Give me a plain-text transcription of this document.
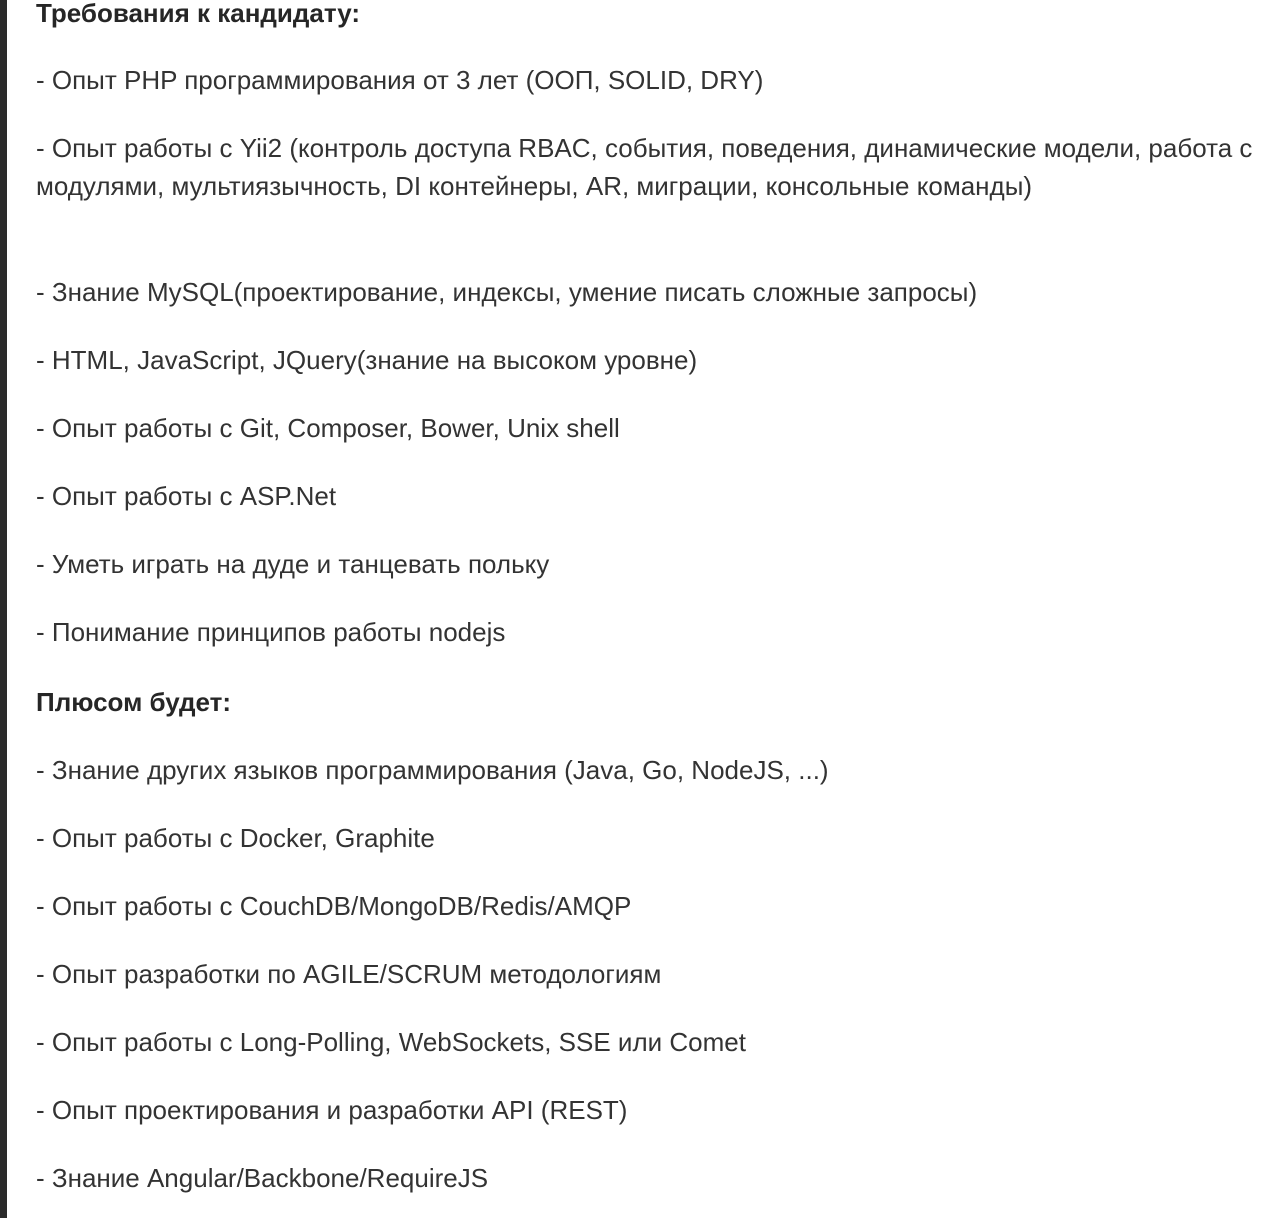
Требования к кандидату:
- Опыт PHP программирования от 3 лет (ООП, SOLID, DRY)
- Опыт работы с Yii2 (контроль доступа RBAC, события, поведения, динамические модели, работа с модулями, мультиязычность, DI контейнеры, AR, миграции, консольные команды)
- Знание MySQL(проектирование, индексы, умение писать сложные запросы)
- HTML, JavaScript, JQuery(знание на высоком уровне)
- Опыт работы с Git, Composer, Bower, Unix shell
- Опыт работы с ASP.Net
- Уметь играть на дуде и танцевать польку
- Понимание принципов работы nodejs
Плюсом будет:
- Знание других языков программирования (Java, Go, NodeJS, ...)
- Опыт работы с Docker, Graphite
- Опыт работы с CouchDB/MongoDB/Redis/AMQP
- Опыт разработки по AGILE/SCRUM методологиям
- Опыт работы с Long-Polling, WebSockets, SSE или Comet
- Опыт проектирования и разработки API (REST)
- Знание Angular/Backbone/RequireJS
